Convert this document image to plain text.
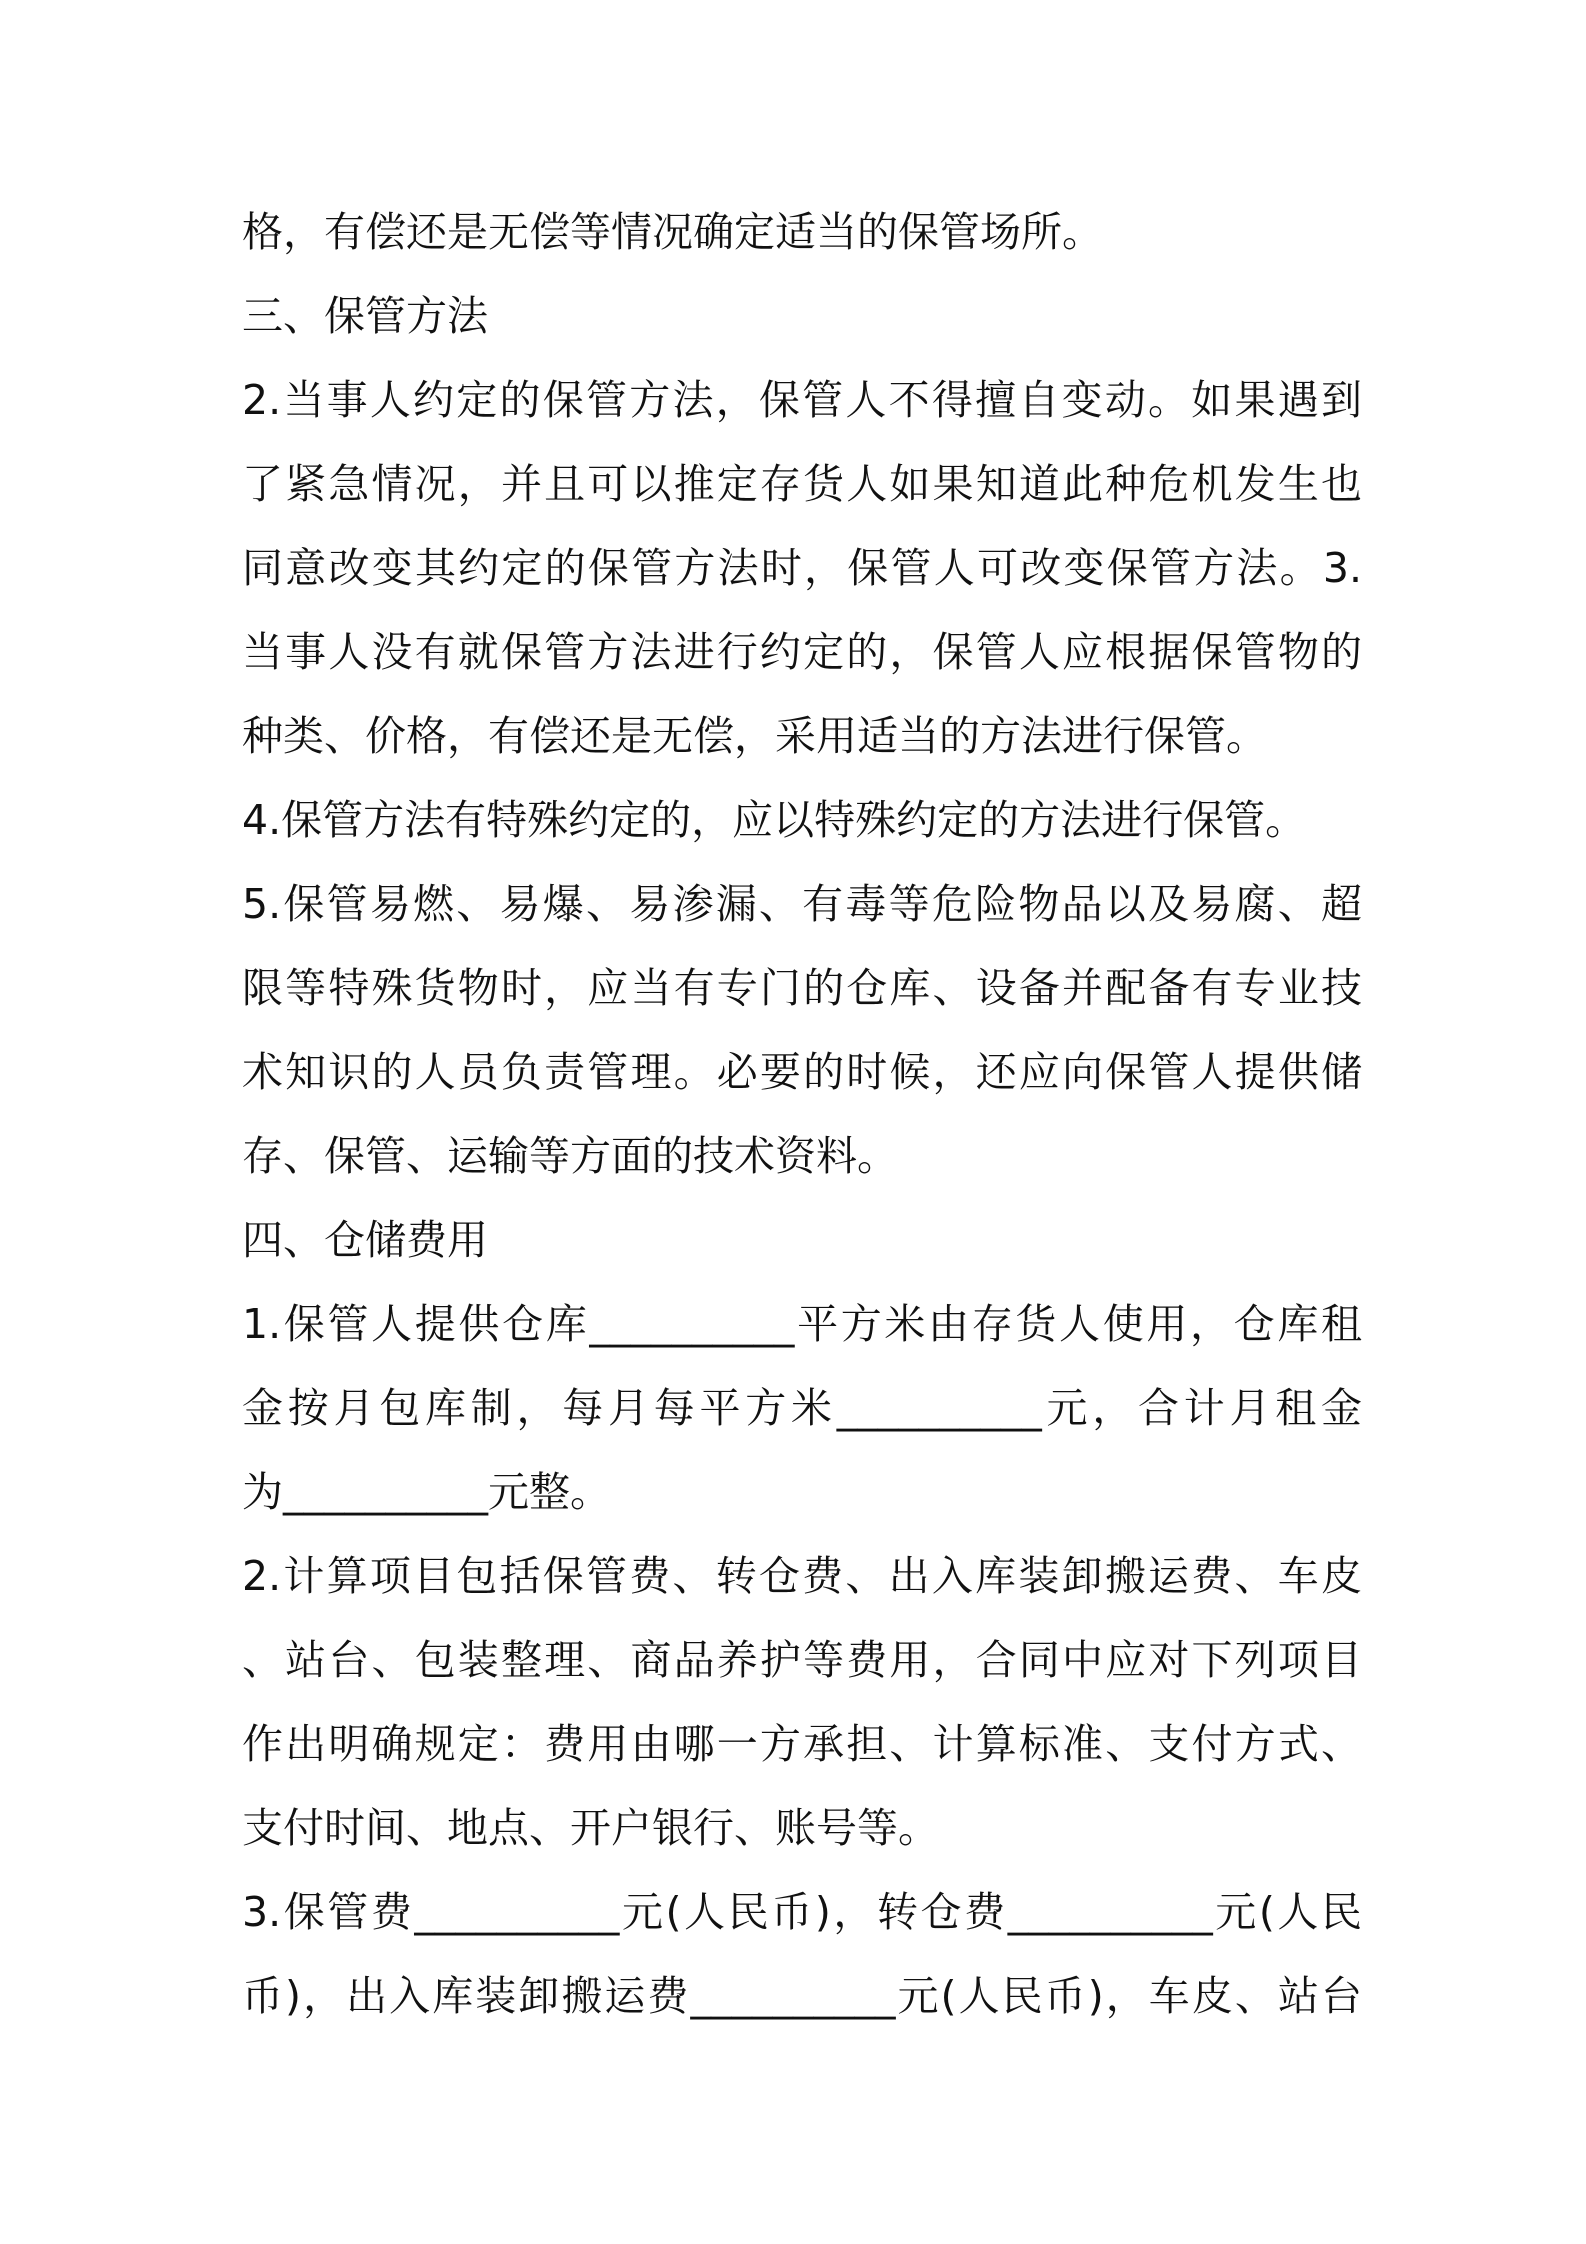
格，有偿还是无偿等情况确定适当的保管场所。
三、保管方法
2.当事人约定的保管方法，保管人不得擅自变动。如果遇到
了紧急情况，并且可以推定存货人如果知道此种危机发生也
同意改变其约定的保管方法时，保管人可改变保管方法。3.
当事人没有就保管方法进行约定的，保管人应根据保管物的
种类、价格，有偿还是无偿，采用适当的方法进行保管。
4.保管方法有特殊约定的，应以特殊约定的方法进行保管。
5.保管易燃、易爆、易渗漏、有毒等危险物品以及易腐、超
限等特殊货物时，应当有专门的仓库、设备并配备有专业技
术知识的人员负责管理。必要的时候，还应向保管人提供储
存、保管、运输等方面的技术资料。
四、仓储费用
1.保管人提供仓库__________平方米由存货人使用，仓库租
金按月包库制，每月每平方米__________元，合计月租金
为__________元整。
2.计算项目包括保管费、转仓费、出入库装卸搬运费、车皮
、站台、包装整理、商品养护等费用，合同中应对下列项目
作出明确规定：费用由哪一方承担、计算标准、支付方式、
支付时间、地点、开户银行、账号等。
3.保管费__________元(人民币)，转仓费__________元(人民
币)，出入库装卸搬运费__________元(人民币)，车皮、站台
